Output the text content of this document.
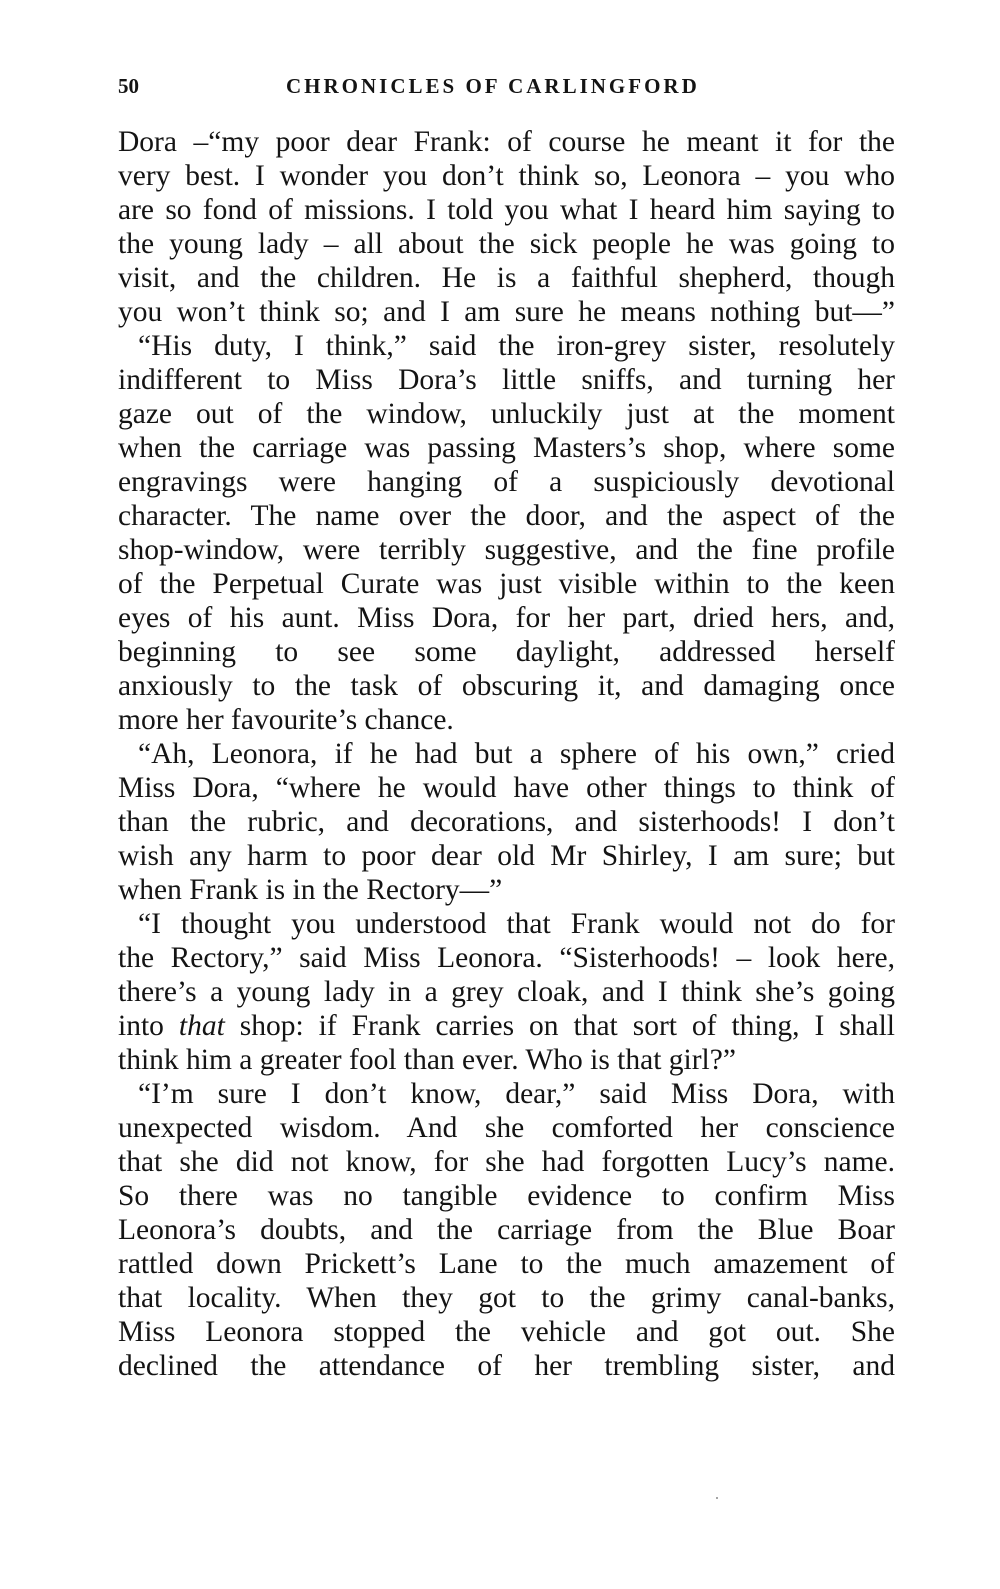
50	CHRONICLES OF CARLINGFORD
Dora –“my poor dear Frank: of course he meant it for the
very best. I wonder you don’t think so, Leonora – you who
are so fond of missions. I told you what I heard him saying to
the young lady – all about the sick people he was going to
visit, and the children. He is a faithful shepherd, though
you won’t think so; and I am sure he means nothing but—”
“His duty, I think,” said the iron-grey sister, resolutely
indifferent to Miss Dora’s little sniffs, and turning her
gaze out of the window, unluckily just at the moment
when the carriage was passing Masters’s shop, where some
engravings were hanging of a suspiciously devotional
character. The name over the door, and the aspect of the
shop-window, were terribly suggestive, and the fine profile
of the Perpetual Curate was just visible within to the keen
eyes of his aunt. Miss Dora, for her part, dried hers, and,
beginning to see some daylight, addressed herself
anxiously to the task of obscuring it, and damaging once
more her favourite’s chance.
“Ah, Leonora, if he had but a sphere of his own,” cried
Miss Dora, “where he would have other things to think of
than the rubric, and decorations, and sisterhoods! I don’t
wish any harm to poor dear old Mr Shirley, I am sure; but
when Frank is in the Rectory—”
“I thought you understood that Frank would not do for
the Rectory,” said Miss Leonora. “Sisterhoods! – look here,
there’s a young lady in a grey cloak, and I think she’s going
into that shop: if Frank carries on that sort of thing, I shall
think him a greater fool than ever. Who is that girl?”
“I’m sure I don’t know, dear,” said Miss Dora, with
unexpected wisdom. And she comforted her conscience
that she did not know, for she had forgotten Lucy’s name.
So there was no tangible evidence to confirm Miss
Leonora’s doubts, and the carriage from the Blue Boar
rattled down Prickett’s Lane to the much amazement of
that locality. When they got to the grimy canal-banks,
Miss Leonora stopped the vehicle and got out. She
declined the attendance of her trembling sister, and
